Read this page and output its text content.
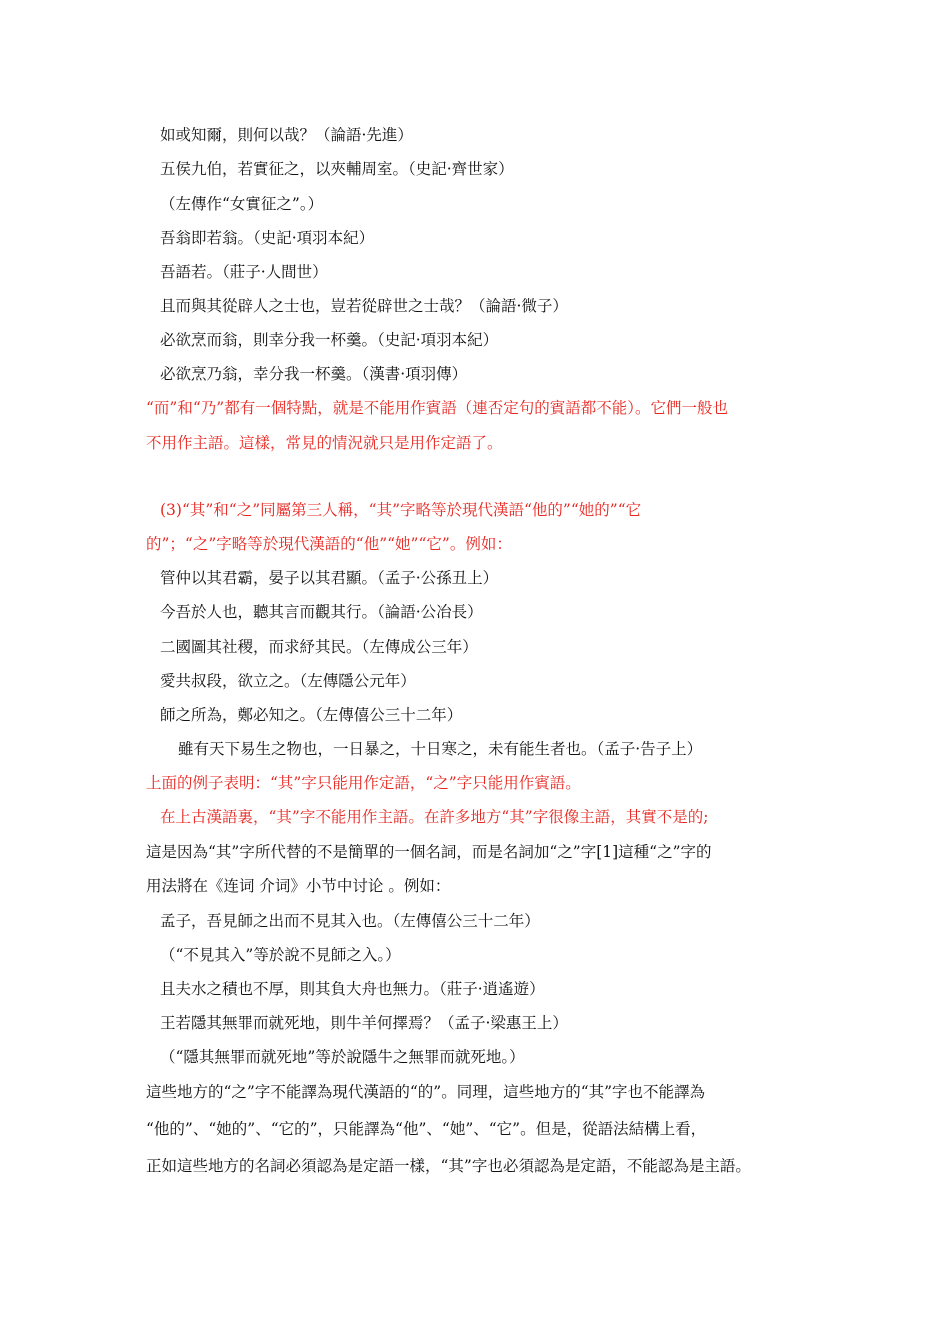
如或知爾，則何以哉？（論語·先進）
五侯九伯，若實征之，以夾輔周室。（史記·齊世家）
（左傳作“女實征之”。）
吾翁即若翁。（史記·項羽本紀）
吾語若。（莊子·人間世）
且而與其從辟人之士也，豈若從辟世之士哉？（論語·微子）
必欲烹而翁，則幸分我一杯羹。（史記·項羽本紀）
必欲烹乃翁，幸分我一杯羹。（漢書·項羽傳）
“而”和“乃”都有一個特點，就是不能用作賓語（連否定句的賓語都不能）。它們一般也
不用作主語。這樣，常見的情況就只是用作定語了。
(3)“其”和“之”同屬第三人稱，“其”字略等於現代漢語“他的”“她的”“它
的”；“之”字略等於現代漢語的“他”“她”“它”。例如：
管仲以其君霸，晏子以其君顯。（孟子·公孫丑上）
今吾於人也，聽其言而觀其行。（論語·公冶長）
二國圖其社稷，而求紓其民。（左傳成公三年）
愛共叔段，欲立之。（左傳隱公元年）
師之所為，鄭必知之。（左傳僖公三十二年）
雖有天下易生之物也，一日暴之，十日寒之，未有能生者也。（孟子·告子上）
上面的例子表明：“其”字只能用作定語，“之”字只能用作賓語。
在上古漢語裏，“其”字不能用作主語。在許多地方“其”字很像主語，其實不是的;
這是因為“其”字所代替的不是簡單的一個名詞，而是名詞加“之”字[1]這種“之”字的
用法將在《连词 介词》小节中讨论 。例如：
孟子，吾見師之出而不見其入也。（左傳僖公三十二年）
（“不見其入”等於說不見師之入。）
且夫水之積也不厚，則其負大舟也無力。（莊子·逍遙遊）
王若隱其無罪而就死地，則牛羊何擇焉？（孟子·梁惠王上）
（“隱其無罪而就死地”等於說隱牛之無罪而就死地。）
這些地方的“之”字不能譯為現代漢語的“的”。同理，這些地方的“其”字也不能譯為
“他的”、“她的”、“它的”，只能譯為“他”、“她”、“它”。但是，從語法結構上看，
正如這些地方的名詞必須認為是定語一樣，“其”字也必須認為是定語，不能認為是主語。
